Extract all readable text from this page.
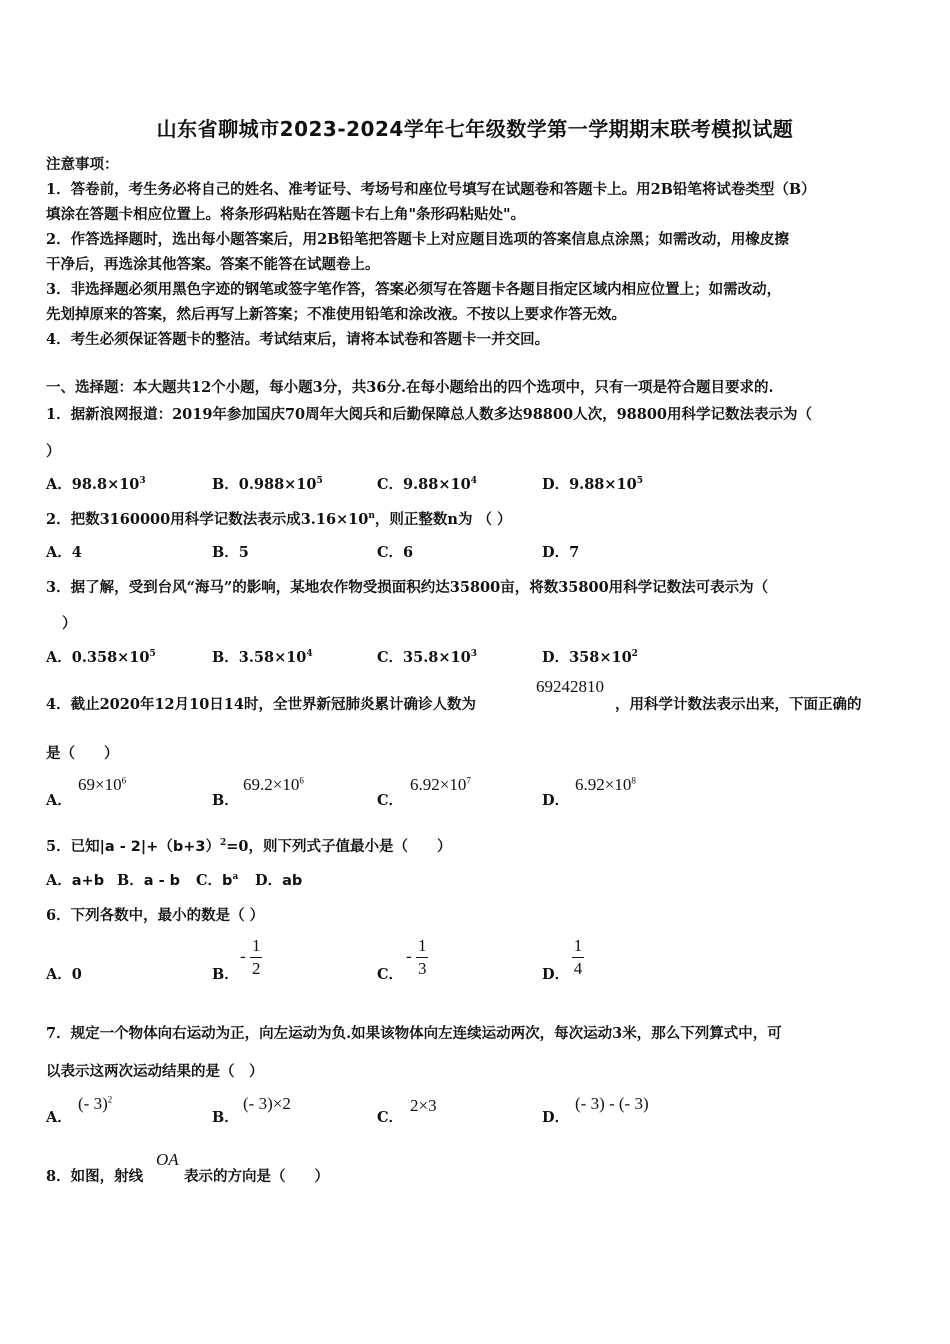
山东省聊城市2023-2024学年七年级数学第一学期期末联考模拟试题
注意事项：
1．答卷前，考生务必将自己的姓名、准考证号、考场号和座位号填写在试题卷和答题卡上。用2B铅笔将试卷类型（B）
填涂在答题卡相应位置上。将条形码粘贴在答题卡右上角"条形码粘贴处"。
2．作答选择题时，选出每小题答案后，用2B铅笔把答题卡上对应题目选项的答案信息点涂黑；如需改动，用橡皮擦
干净后，再选涂其他答案。答案不能答在试题卷上。
3．非选择题必须用黑色字迹的钢笔或签字笔作答，答案必须写在答题卡各题目指定区域内相应位置上；如需改动，
先划掉原来的答案，然后再写上新答案；不准使用铅笔和涂改液。不按以上要求作答无效。
4．考生必须保证答题卡的整洁。考试结束后，请将本试卷和答题卡一并交回。
一、选择题：本大题共12个小题，每小题3分，共36分.在每小题给出的四个选项中，只有一项是符合题目要求的.
1．据新浪网报道：2019年参加国庆70周年大阅兵和后勤保障总人数多达98800人次，98800用科学记数法表示为（
）
A．$98.8\times 10^3$	B．$0.988\times 10^5$	C．$9.88\times 10^4$	D．$9.88\times 10^5$
2．把数3160000用科学记数法表示成$3.16\times 10^n$，则正整数n为 （ ）
A．4	B．5	C．6	D．7
3．据了解，受到台风“海马”的影响，某地农作物受损面积约达35800亩，将数35800用科学记数法可表示为（
）
A．$0.358\times 10^5$	B．$3.58\times 10^4$	C．$35.8\times 10^3$	D．$358\times 10^2$
4．截止2020年12月10日14时，全世界新冠肺炎累计确诊人数为
69242810
，用科学计数法表示出来，下面正确的
是（　　）
A．
$69\times 10^6$
B．
$69.2\times 10^6$
C．
$6.92\times 10^7$
D．
$6.92\times 10^8$
5．已知$|a - 2|+(b+3)^2=0$，则下列式子值最小是（　　）
A．a+b B．a - b C．$b^a$ D．ab
6．下列各数中，最小的数是（ ）
A．0	B．
- $\frac{1}{2}$	C．
- $\frac{1}{3}$	D． $\frac{1}{4}$
7．规定一个物体向右运动为正，向左运动为负.如果该物体向左连续运动两次，每次运动3米，那么下列算式中，可
以表示这两次运动结果的是（　）
A．
(- 3)$^2$
B．
(- 3)×2
C．
2×3
D．
(- 3) - (- 3)
8．如图，射线
OA
表示的方向是（　　）
